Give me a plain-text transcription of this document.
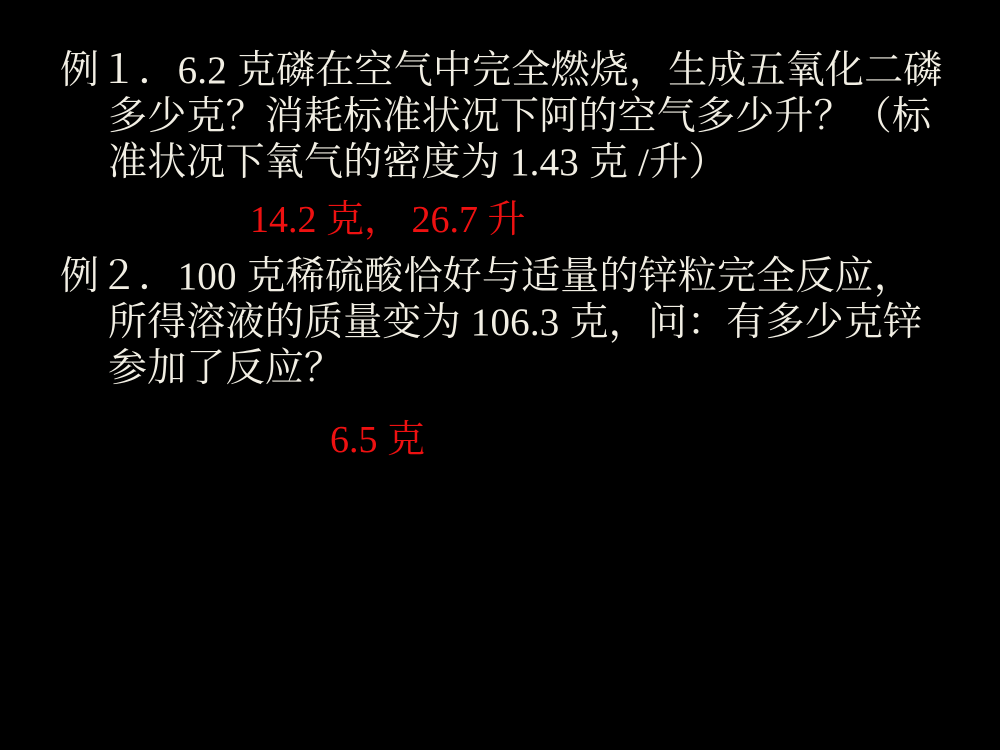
例１．6.2 克磷在空气中完全燃烧，生成五氧化二磷多少克？消耗标准状况下阿的空气多少升？（标准状况下氧气的密度为 1.43 克 /升）

14.2 克， 26.7 升

例２．100 克稀硫酸恰好与适量的锌粒完全反应，所得溶液的质量变为 106.3 克，问：有多少克锌参加了反应？

6.5 克
